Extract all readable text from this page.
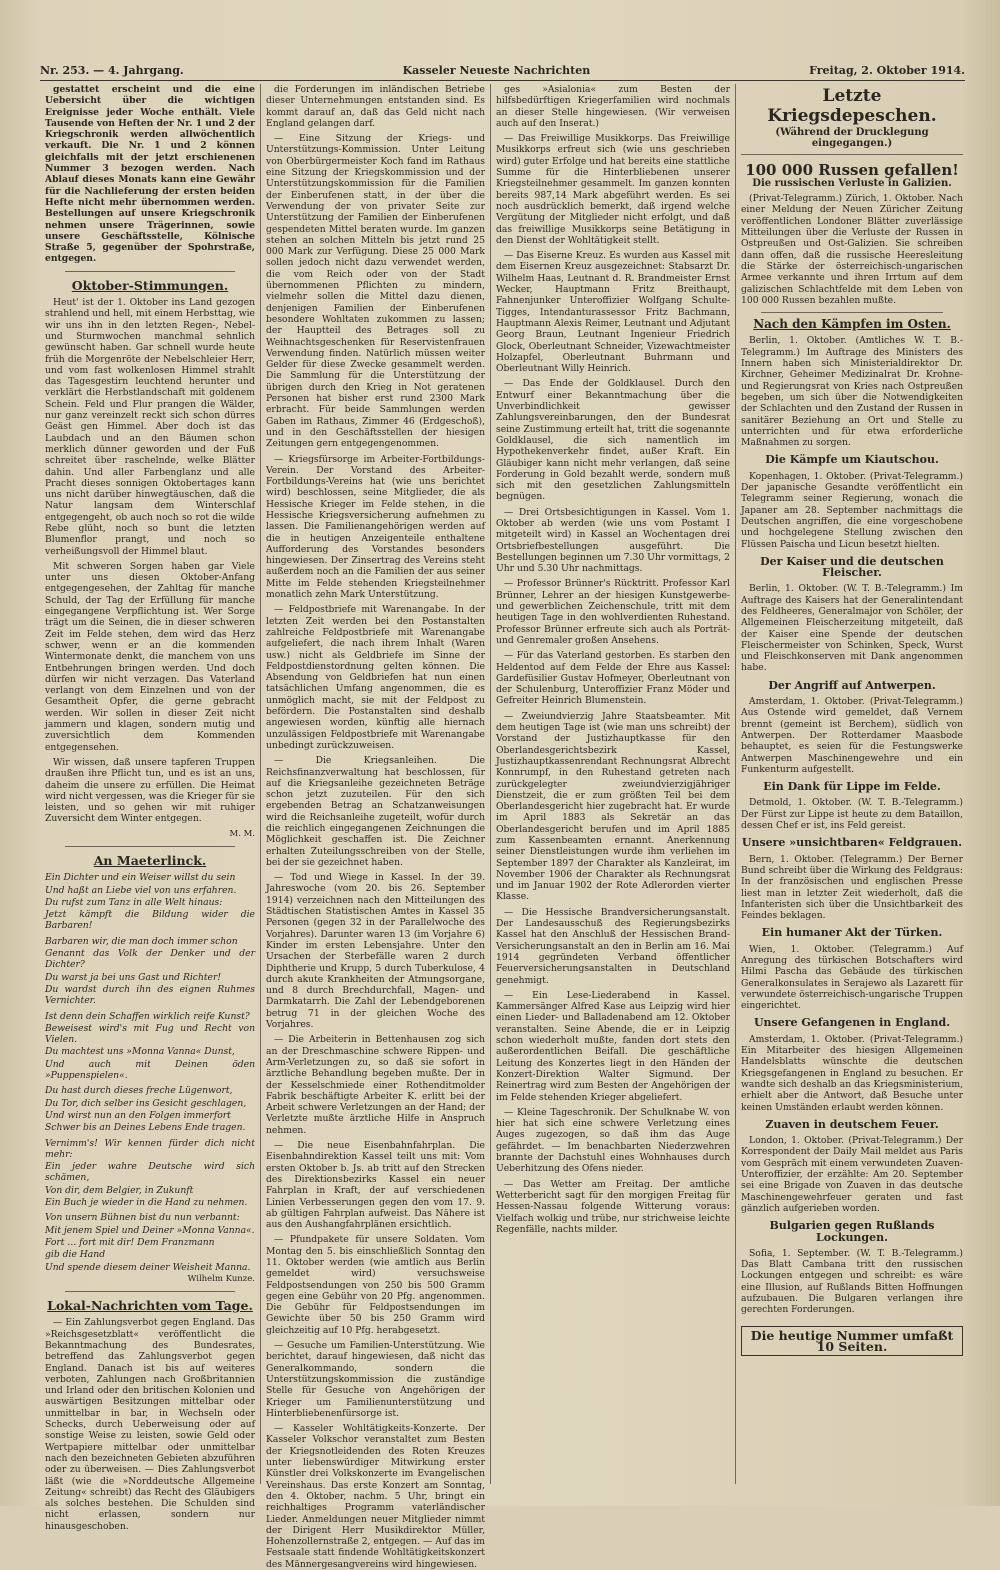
Nr. 253. — 4. Jahrgang.	Kasseler Neueste Nachrichten	Freitag, 2. Oktober 1914.

gestattet erscheint und die eine Uebersicht über die wichtigen Ereignisse jeder Woche enthält. Viele Tausende von Heften der Nr. 1 und 2 der Kriegschronik werden allwöchentlich verkauft. Die Nr. 1 und 2 können gleichfalls mit der jetzt erschienenen Nummer 3 bezogen werden. Nach Ablauf dieses Monats kann eine Gewähr für die Nachlieferung der ersten beiden Hefte nicht mehr übernommen werden. Bestellungen auf unsere Kriegschronik nehmen unsere Trägerinnen, sowie unsere Geschäftsstelle, Kölnische Straße 5, gegenüber der Spohrstraße, entgegen.

Oktober-Stimmungen.

Heut' ist der 1. Oktober ins Land gezogen strahlend und hell, mit einem Herbsttag, wie wir uns ihn in den letzten Regen-, Nebel- und Sturmwochen manchmal sehnlich gewünscht haben. Gar schnell wurde heute früh die Morgenröte der Nebelschleier Herr, und vom fast wolkenlosen Himmel strahlt das Tagesgestirn leuchtend herunter und verklärt die Herbstlandschaft mit goldenem Schein. Feld und Flur prangen die Wälder, nur ganz vereinzelt reckt sich schon dürres Geäst gen Himmel. Aber doch ist das Laubdach und an den Bäumen schon merklich dünner geworden und der Fuß schreitet über raschelnde, welke Blätter dahin. Und aller Farbenglanz und alle Pracht dieses sonnigen Oktobertages kann uns nicht darüber hinwegtäuschen, daß die Natur langsam dem Winterschlaf entgegengeht, ob auch noch so rot die wilde Rebe glüht, noch so bunt die letzten Blumenflor prangt, und noch so verheißungsvoll der Himmel blaut.

Mit schweren Sorgen haben gar Viele unter uns diesen Oktober-Anfang entgegengesehen, der Zahltag für manche Schuld, der Tag der Erfüllung für manche eingegangene Verpflichtung ist. Wer Sorge trägt um die Seinen, die in dieser schweren Zeit im Felde stehen, dem wird das Herz schwer, wenn er an die kommenden Wintermonate denkt, die manchem von uns Entbehrungen bringen werden. Und doch dürfen wir nicht verzagen. Das Vaterland verlangt von dem Einzelnen und von der Gesamtheit Opfer, die gerne gebracht werden. Wir sollen in dieser Zeit nicht jammern und klagen, sondern mutig und zuversichtlich dem Kommenden entgegensehen.

Wir wissen, daß unsere tapferen Truppen draußen ihre Pflicht tun, und es ist an uns, daheim die unsere zu erfüllen. Die Heimat wird nicht vergessen, was die Krieger für sie leisten, und so gehen wir mit ruhiger Zuversicht dem Winter entgegen.

M. M.
An Maeterlinck.

Ein Dichter und ein Weiser willst du sein

Und haßt an Liebe viel von uns erfahren.

Du rufst zum Tanz in alle Welt hinaus:

Jetzt kämpft die Bildung wider die Barbaren!

Barbaren wir, die man doch immer schon

Genannt das Volk der Denker und der Dichter?

Du warst ja bei uns Gast und Richter!

Du wardst durch ihn des eignen Ruhmes Vernichter.

Ist denn dein Schaffen wirklich reife Kunst?

Beweisest wird's mit Fug und Recht von Vielen.

Du machtest uns »Monna Vanna« Dunst,

Und auch mit Deinen öden »Puppenspielen«.

Du hast durch dieses freche Lügenwort,

Du Tor, dich selber ins Gesicht geschlagen,

Und wirst nun an den Folgen immerfort

Schwer bis an Deines Lebens Ende tragen.

Vernimm's! Wir kennen fürder dich nicht mehr:

Ein jeder wahre Deutsche wird sich schämen,

Von dir, dem Belgier, in Zukunft

Ein Buch je wieder in die Hand zu nehmen.

Von unsern Bühnen bist du nun verbannt:

Mit jenem Spiel und Deiner »Monna Vanna«.

Fort ... fort mit dir! Dem Franzmann

gib die Hand

Und spende diesem deiner Weisheit Manna.

Wilhelm Kunze.
Lokal-Nachrichten vom Tage.

— Ein Zahlungsverbot gegen England. Das »Reichsgesetzblatt« veröffentlicht die Bekanntmachung des Bundesrates, betreffend das Zahlungsverbot gegen England. Danach ist bis auf weiteres verboten, Zahlungen nach Großbritannien und Irland oder den britischen Kolonien und auswärtigen Besitzungen mittelbar oder unmittelbar in bar, in Wechseln oder Schecks, durch Ueberweisung oder auf sonstige Weise zu leisten, sowie Geld oder Wertpapiere mittelbar oder unmittelbar nach den bezeichneten Gebieten abzuführen oder zu überweisen. — Dies Zahlungsverbot läßt (wie die »Norddeutsche Allgemeine Zeitung« schreibt) das Recht des Gläubigers als solches bestehen. Die Schulden sind nicht erlassen, sondern nur hinausgeschoben.

die Forderungen im inländischen Betriebe dieser Unternehmungen entstanden sind. Es kommt darauf an, daß das Geld nicht nach England gelangen darf.

— Eine Sitzung der Kriegs- und Unterstützungs-Kommission. Unter Leitung von Oberbürgermeister Koch fand im Rathaus eine Sitzung der Kriegskommission und der Unterstützungskommission für die Familien der Einberufenen statt, in der über die Verwendung der von privater Seite zur Unterstützung der Familien der Einberufenen gespendeten Mittel beraten wurde. Im ganzen stehen an solchen Mitteln bis jetzt rund 25 000 Mark zur Verfügung. Diese 25 000 Mark sollen jedoch nicht dazu verwendet werden, die vom Reich oder von der Stadt übernommenen Pflichten zu mindern, vielmehr sollen die Mittel dazu dienen, denjenigen Familien der Einberufenen besondere Wohltaten zukommen zu lassen; der Hauptteil des Betrages soll zu Weihnachtsgeschenken für Reservistenfrauen Verwendung finden. Natürlich müssen weiter Gelder für diese Zwecke gesammelt werden. Die Sammlung für die Unterstützung der übrigen durch den Krieg in Not geratenen Personen hat bisher erst rund 2300 Mark erbracht. Für beide Sammlungen werden Gaben im Rathaus, Zimmer 46 (Erdgeschoß), und in den Geschäftsstellen der hiesigen Zeitungen gern entgegengenommen.

— Kriegsfürsorge im Arbeiter-Fortbildungs-Verein. Der Vorstand des Arbeiter-Fortbildungs-Vereins hat (wie uns berichtet wird) beschlossen, seine Mitglieder, die als Hessische Krieger im Felde stehen, in die Hessische Kriegsversicherung aufnehmen zu lassen. Die Familienangehörigen werden auf die in heutigen Anzeigenteile enthaltene Aufforderung des Vorstandes besonders hingewiesen. Der Zinsertrag des Vereins steht außerdem noch an die Familien der aus seiner Mitte im Felde stehenden Kriegsteilnehmer monatlich zehn Mark Unterstützung.

— Feldpostbriefe mit Warenangabe. In der letzten Zeit werden bei den Postanstalten zahlreiche Feldpostbriefe mit Warenangabe aufgeliefert, die nach ihrem Inhalt (Waren usw.) nicht als Geldbriefe im Sinne der Feldpostdienstordnung gelten können. Die Absendung von Geldbriefen hat nun einen tatsächlichen Umfang angenommen, die es unmöglich macht, sie mit der Feldpost zu befördern. Die Postanstalten sind deshalb angewiesen worden, künftig alle hiernach unzulässigen Feldpostbriefe mit Warenangabe unbedingt zurückzuweisen.

— Die Kriegsanleihen. Die Reichsfinanzverwaltung hat beschlossen, für auf die Kriegsanleihe gezeichneten Beträge schon jetzt zuzuteilen. Für den sich ergebenden Betrag an Schatzanweisungen wird die Reichsanleihe zugeteilt, wofür durch die reichlich eingegangenen Zeichnungen die Möglichkeit geschaffen ist. Die Zeichner erhalten Zuteilungsschreiben von der Stelle, bei der sie gezeichnet haben.

— Tod und Wiege in Kassel. In der 39. Jahreswoche (vom 20. bis 26. September 1914) verzeichnen nach den Mitteilungen des Städtischen Statistischen Amtes in Kassel 35 Personen (gegen 32 in der Parallelwoche des Vorjahres). Darunter waren 13 (im Vorjahre 6) Kinder im ersten Lebensjahre. Unter den Ursachen der Sterbefälle waren 2 durch Diphtherie und Krupp, 5 durch Tuberkulose, 4 durch akute Krankheiten der Atmungsorgane, und 8 durch Brechdurchfall, Magen- und Darmkatarrh. Die Zahl der Lebendgeborenen betrug 71 in der gleichen Woche des Vorjahres.

— Die Arbeiterin in Bettenhausen zog sich an der Dreschmaschine schwere Rippen- und Arm-Verletzungen zu, so daß sie sofort in ärztliche Behandlung begeben mußte. Der in der Kesselschmiede einer Rothenditmolder Fabrik beschäftigte Arbeiter K. erlitt bei der Arbeit schwere Verletzungen an der Hand; der Verletzte mußte ärztliche Hilfe in Anspruch nehmen.

— Die neue Eisenbahnfahrplan. Die Eisenbahndirektion Kassel teilt uns mit: Vom ersten Oktober b. Js. ab tritt auf den Strecken des Direktionsbezirks Kassel ein neuer Fahrplan in Kraft, der auf verschiedenen Linien Verbesserungen gegen den vom 17. 9. ab gültigen Fahrplan aufweist. Das Nähere ist aus den Aushangfahrplänen ersichtlich.

— Pfundpakete für unsere Soldaten. Vom Montag den 5. bis einschließlich Sonntag den 11. Oktober werden (wie amtlich aus Berlin gemeldet wird) versuchsweise Feldpostsendungen von 250 bis 500 Gramm gegen eine Gebühr von 20 Pfg. angenommen. Die Gebühr für Feldpostsendungen im Gewichte über 50 bis 250 Gramm wird gleichzeitig auf 10 Pfg. herabgesetzt.

— Gesuche um Familien-Unterstützung. Wie berichtet, darauf hingewiesen, daß nicht das Generalkommando, sondern die Unterstützungskommission die zuständige Stelle für Gesuche von Angehörigen der Krieger um Familienunterstützung und Hinterbliebenenfürsorge ist.

— Kasseler Wohltätigkeits-Konzerte. Der Kasseler Volkschor veranstaltet zum Besten der Kriegsnotleidenden des Roten Kreuzes unter liebenswürdiger Mitwirkung erster Künstler drei Volkskonzerte im Evangelischen Vereinshaus. Das erste Konzert am Sonntag, den 4. Oktober, nachm. 5 Uhr, bringt ein reichhaltiges Programm vaterländischer Lieder. Anmeldungen neuer Mitglieder nimmt der Dirigent Herr Musikdirektor Müller, Hohenzollernstraße 2, entgegen. — Auf das im Festsaale statt findende Wohltätigkeitskonzert des Männergesangvereins wird hingewiesen.

ges »Asialonia« zum Besten der hilfsbedürftigen Kriegerfamilien wird nochmals an dieser Stelle hingewiesen. (Wir verweisen auch auf den Inserat.)

— Das Freiwillige Musikkorps. Das Freiwillige Musikkorps erfreut sich (wie uns geschrieben wird) guter Erfolge und hat bereits eine stattliche Summe für die Hinterbliebenen unserer Kriegsteilnehmer gesammelt. Im ganzen konnten bereits 987,14 Mark abgeführt werden. Es sei noch ausdrücklich bemerkt, daß irgend welche Vergütung der Mitglieder nicht erfolgt, und daß das freiwillige Musikkorps seine Betätigung in den Dienst der Wohltätigkeit stellt.

— Das Eiserne Kreuz. Es wurden aus Kassel mit dem Eisernen Kreuz ausgezeichnet: Stabsarzt Dr. Wilhelm Haas, Leutnant d. R. Brandmeister Ernst Wecker, Hauptmann Fritz Breithaupt, Fahnenjunker Unteroffizier Wolfgang Schulte-Tigges, Intendanturassessor Fritz Bachmann, Hauptmann Alexis Reimer, Leutnant und Adjutant Georg Braun, Leutnant Ingenieur Friedrich Glock, Oberleutnant Schneider, Vizewachtmeister Holzapfel, Oberleutnant Buhrmann und Oberleutnant Willy Heinrich.

— Das Ende der Goldklausel. Durch den Entwurf einer Bekanntmachung über die Unverbindlichkeit gewisser Zahlungsvereinbarungen, den der Bundesrat seine Zustimmung erteilt hat, tritt die sogenannte Goldklausel, die sich namentlich im Hypothekenverkehr findet, außer Kraft. Ein Gläubiger kann nicht mehr verlangen, daß seine Forderung in Gold bezahlt werde, sondern muß sich mit den gesetzlichen Zahlungsmitteln begnügen.

— Drei Ortsbesichtigungen in Kassel. Vom 1. Oktober ab werden (wie uns vom Postamt I mitgeteilt wird) in Kassel an Wochentagen drei Ortsbriefbestellungen ausgeführt. Die Bestellungen beginnen um 7.30 Uhr vormittags, 2 Uhr und 5.30 Uhr nachmittags.

— Professor Brünner's Rücktritt. Professor Karl Brünner, Lehrer an der hiesigen Kunstgewerbe- und gewerblichen Zeichenschule, tritt mit dem heutigen Tage in den wohlverdienten Ruhestand. Professor Brünner erfreute sich auch als Porträt- und Genremaler großen Ansehens.

— Für das Vaterland gestorben. Es starben den Heldentod auf dem Felde der Ehre aus Kassel: Gardefüsilier Gustav Hofmeyer, Oberleutnant von der Schulenburg, Unteroffizier Franz Möder und Gefreiter Heinrich Blumenstein.

— Zweiundvierzig Jahre Staatsbeamter. Mit dem heutigen Tage ist (wie man uns schreibt) der Vorstand der Justizhauptkasse für den Oberlandesgerichtsbezirk Kassel, Justizhauptkassenrendant Rechnungsrat Albrecht Konnrumpf, in den Ruhestand getreten nach zurückgelegter zweiundvierzigjähriger Dienstzeit, die er zum größten Teil bei dem Oberlandesgericht hier zugebracht hat. Er wurde im April 1883 als Sekretär an das Oberlandesgericht berufen und im April 1885 zum Kassenbeamten ernannt. Anerkennung seiner Dienstleistungen wurde ihm verliehen im September 1897 der Charakter als Kanzleirat, im November 1906 der Charakter als Rechnungsrat und im Januar 1902 der Rote Adlerorden vierter Klasse.

— Die Hessische Brandversicherungsanstalt. Der Landesausschuß des Regierungsbezirks Kassel hat den Anschluß der Hessischen Brand-Versicherungsanstalt an den in Berlin am 16. Mai 1914 gegründeten Verband öffentlicher Feuerversicherungsanstalten in Deutschland genehmigt.

— Ein Lese-Liederabend in Kassel. Kammersänger Alfred Kase aus Leipzig wird hier einen Lieder- und Balladenabend am 12. Oktober veranstalten. Seine Abende, die er in Leipzig schon wiederholt mußte, fanden dort stets den außerordentlichen Beifall. Die geschäftliche Leitung des Konzertes liegt in den Händen der Konzert-Direktion Walter Sigmund. Der Reinertrag wird zum Besten der Angehörigen der im Felde stehenden Krieger abgeliefert.

— Kleine Tageschronik. Der Schulknabe W. von hier hat sich eine schwere Verletzung eines Auges zugezogen, so daß ihm das Auge gefährdet. — Im benachbarten Niederzwehren brannte der Dachstuhl eines Wohnhauses durch Ueberhitzung des Ofens nieder.

— Das Wetter am Freitag. Der amtliche Wetterbericht sagt für den morgigen Freitag für Hessen-Nassau folgende Witterung voraus: Vielfach wolkig und trübe, nur strichweise leichte Regenfälle, nachts milder.

Letzte Kriegsdepeschen.
(Während der Drucklegung eingegangen.)
100 000 Russen gefallen!
Die russischen Verluste in Galizien.

(Privat-Telegramm.) Zürich, 1. Oktober. Nach einer Meldung der Neuen Züricher Zeitung veröffentlichen Londoner Blätter zuverlässige Mitteilungen über die Verluste der Russen in Ostpreußen und Ost-Galizien. Sie schreiben dann offen, daß die russische Heeresleitung die Stärke der österreichisch-ungarischen Armee verkannte und ihren Irrtum auf dem galizischen Schlachtfelde mit dem Leben von 100 000 Russen bezahlen mußte.

Nach den Kämpfen im Osten.

Berlin, 1. Oktober. (Amtliches W. T. B.-Telegramm.) Im Auftrage des Ministers des Innern haben sich Ministerialdirektor Dr. Kirchner, Geheimer Medizinalrat Dr. Krohne- und Regierungsrat von Kries nach Ostpreußen begeben, um sich über die Notwendigkeiten der Schlachten und den Zustand der Russen in sanitärer Beziehung an Ort und Stelle zu unterrichten und für etwa erforderliche Maßnahmen zu sorgen.

Die Kämpfe um Kiautschou.

Kopenhagen, 1. Oktober. (Privat-Telegramm.) Der japanische Gesandte veröffentlicht ein Telegramm seiner Regierung, wonach die Japaner am 28. September nachmittags die Deutschen angriffen, die eine vorgeschobene und hochgelegene Stellung zwischen den Flüssen Paischa und Licun besetzt hielten.

Der Kaiser und die deutschen Fleischer.

Berlin, 1. Oktober. (W. T. B.-Telegramm.) Im Auftrage des Kaisers hat der Generalintendant des Feldheeres, Generalmajor von Schöler, der Allgemeinen Fleischerzeitung mitgeteilt, daß der Kaiser eine Spende der deutschen Fleischermeister von Schinken, Speck, Wurst und Fleischkonserven mit Dank angenommen habe.

Der Angriff auf Antwerpen.

Amsterdam, 1. Oktober. (Privat-Telegramm.) Aus Ostende wird gemeldet, daß Vernem brennt (gemeint ist Berchem), südlich von Antwerpen. Der Rotterdamer Maasbode behauptet, es seien für die Festungswerke Antwerpen Maschinengewehre und ein Funkenturm aufgestellt.

Ein Dank für Lippe im Felde.

Detmold, 1. Oktober. (W. T. B.-Telegramm.) Der Fürst zur Lippe ist heute zu dem Bataillon, dessen Chef er ist, ins Feld gereist.

Unsere »unsichtbaren« Feldgrauen.

Bern, 1. Oktober. (Telegramm.) Der Berner Bund schreibt über die Wirkung des Feldgraus: In der französischen und englischen Presse liest man in letzter Zeit wiederholt, daß die Infanteristen sich über die Unsichtbarkeit des Feindes beklagen.

Ein humaner Akt der Türken.

Wien, 1. Oktober. (Telegramm.) Auf Anregung des türkischen Botschafters wird Hilmi Pascha das Gebäude des türkischen Generalkonsulates in Serajewo als Lazarett für verwundete österreichisch-ungarische Truppen eingerichtet.

Unsere Gefangenen in England.

Amsterdam, 1. Oktober. (Privat-Telegramm.) Ein Mitarbeiter des hiesigen Allgemeinen Handelsblatts wünschte die deutschen Kriegsgefangenen in England zu besuchen. Er wandte sich deshalb an das Kriegsministerium, erhielt aber die Antwort, daß Besuche unter keinen Umständen erlaubt werden können.

Zuaven in deutschem Feuer.

London, 1. Oktober. (Privat-Telegramm.) Der Korrespondent der Daily Mail meldet aus Paris vom Gespräch mit einem verwundeten Zuaven-Unteroffizier, der erzählte: Am 20. September sei eine Brigade von Zuaven in das deutsche Maschinengewehrfeuer geraten und fast gänzlich aufgerieben worden.

Bulgarien gegen Rußlands Lockungen.

Sofia, 1. September. (W. T. B.-Telegramm.) Das Blatt Cambana tritt den russischen Lockungen entgegen und schreibt: es wäre eine Illusion, auf Rußlands Bitten Hoffnungen aufzubauen. Die Bulgaren verlangen ihre gerechten Forderungen.

Die heutige Nummer umfaßt 10 Seiten.
